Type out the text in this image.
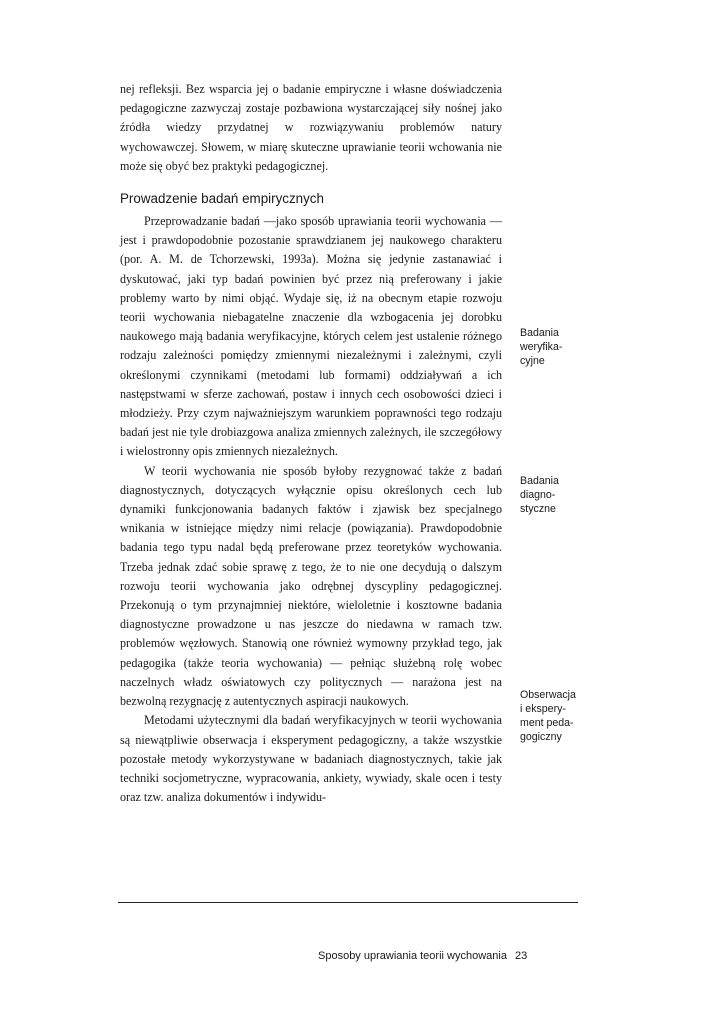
nej refleksji. Bez wsparcia jej o badanie empiryczne i własne doświadczenia pedagogiczne zazwyczaj zostaje pozbawiona wystarczającej siły nośnej jako źródła wiedzy przydatnej w rozwiązywaniu problemów natury wychowawczej. Słowem, w miarę skuteczne uprawianie teorii wchowania nie może się obyć bez praktyki pedagogicznej.

Prowadzenie badań empirycznych

Przeprowadzanie badań —jako sposób uprawiania teorii wychowania — jest i prawdopodobnie pozostanie sprawdzianem jej naukowego charakteru (por. A. M. de Tchorzewski, 1993a). Można się jedynie zastanawiać i dyskutować, jaki typ badań powinien być przez nią preferowany i jakie problemy warto by nimi objąć. Wydaje się, iż na obecnym etapie rozwoju teorii wychowania niebagatelne znaczenie dla wzbogacenia jej dorobku naukowego mają badania weryfikacyjne, których celem jest ustalenie różnego rodzaju zależności pomiędzy zmiennymi niezależnymi i zależnymi, czyli określonymi czynnikami (metodami lub formami) oddziaływań a ich następstwami w sferze zachowań, postaw i innych cech osobowości dzieci i młodzieży. Przy czym najważniejszym warunkiem poprawności tego rodzaju badań jest nie tyle drobiazgowa analiza zmiennych zależnych, ile szczegółowy i wielostronny opis zmiennych niezależnych.

W teorii wychowania nie sposób byłoby rezygnować także z badań diagnostycznych, dotyczących wyłącznie opisu określonych cech lub dynamiki funkcjonowania badanych faktów i zjawisk bez specjalnego wnikania w istniejące między nimi relacje (powiązania). Prawdopodobnie badania tego typu nadal będą preferowane przez teoretyków wychowania. Trzeba jednak zdać sobie sprawę z tego, że to nie one decydują o dalszym rozwoju teorii wychowania jako odrębnej dyscypliny pedagogicznej. Przekonują o tym przynajmniej niektóre, wieloletnie i kosztowne badania diagnostyczne prowadzone u nas jeszcze do niedawna w ramach tzw. problemów węzłowych. Stanowią one również wymowny przykład tego, jak pedagogika (także teoria wychowania) — pełniąc służebną rolę wobec naczelnych władz oświatowych czy politycznych — narażona jest na bezwolną rezygnację z autentycznych aspiracji naukowych.

Metodami użytecznymi dla badań weryfikacyjnych w teorii wychowania są niewątpliwie obserwacja i eksperyment pedagogiczny, a także wszystkie pozostałe metody wykorzystywane w badaniach diagnostycznych, takie jak techniki socjometryczne, wypracowania, ankiety, wywiady, skale ocen i testy oraz tzw. analiza dokumentów i indywidu-

Badania
weryfika-
cyjne
Badania
diagno-
styczne
Obserwacja
i ekspery-
ment peda-
gogiczny
Sposoby uprawiania teorii wychowania 23
